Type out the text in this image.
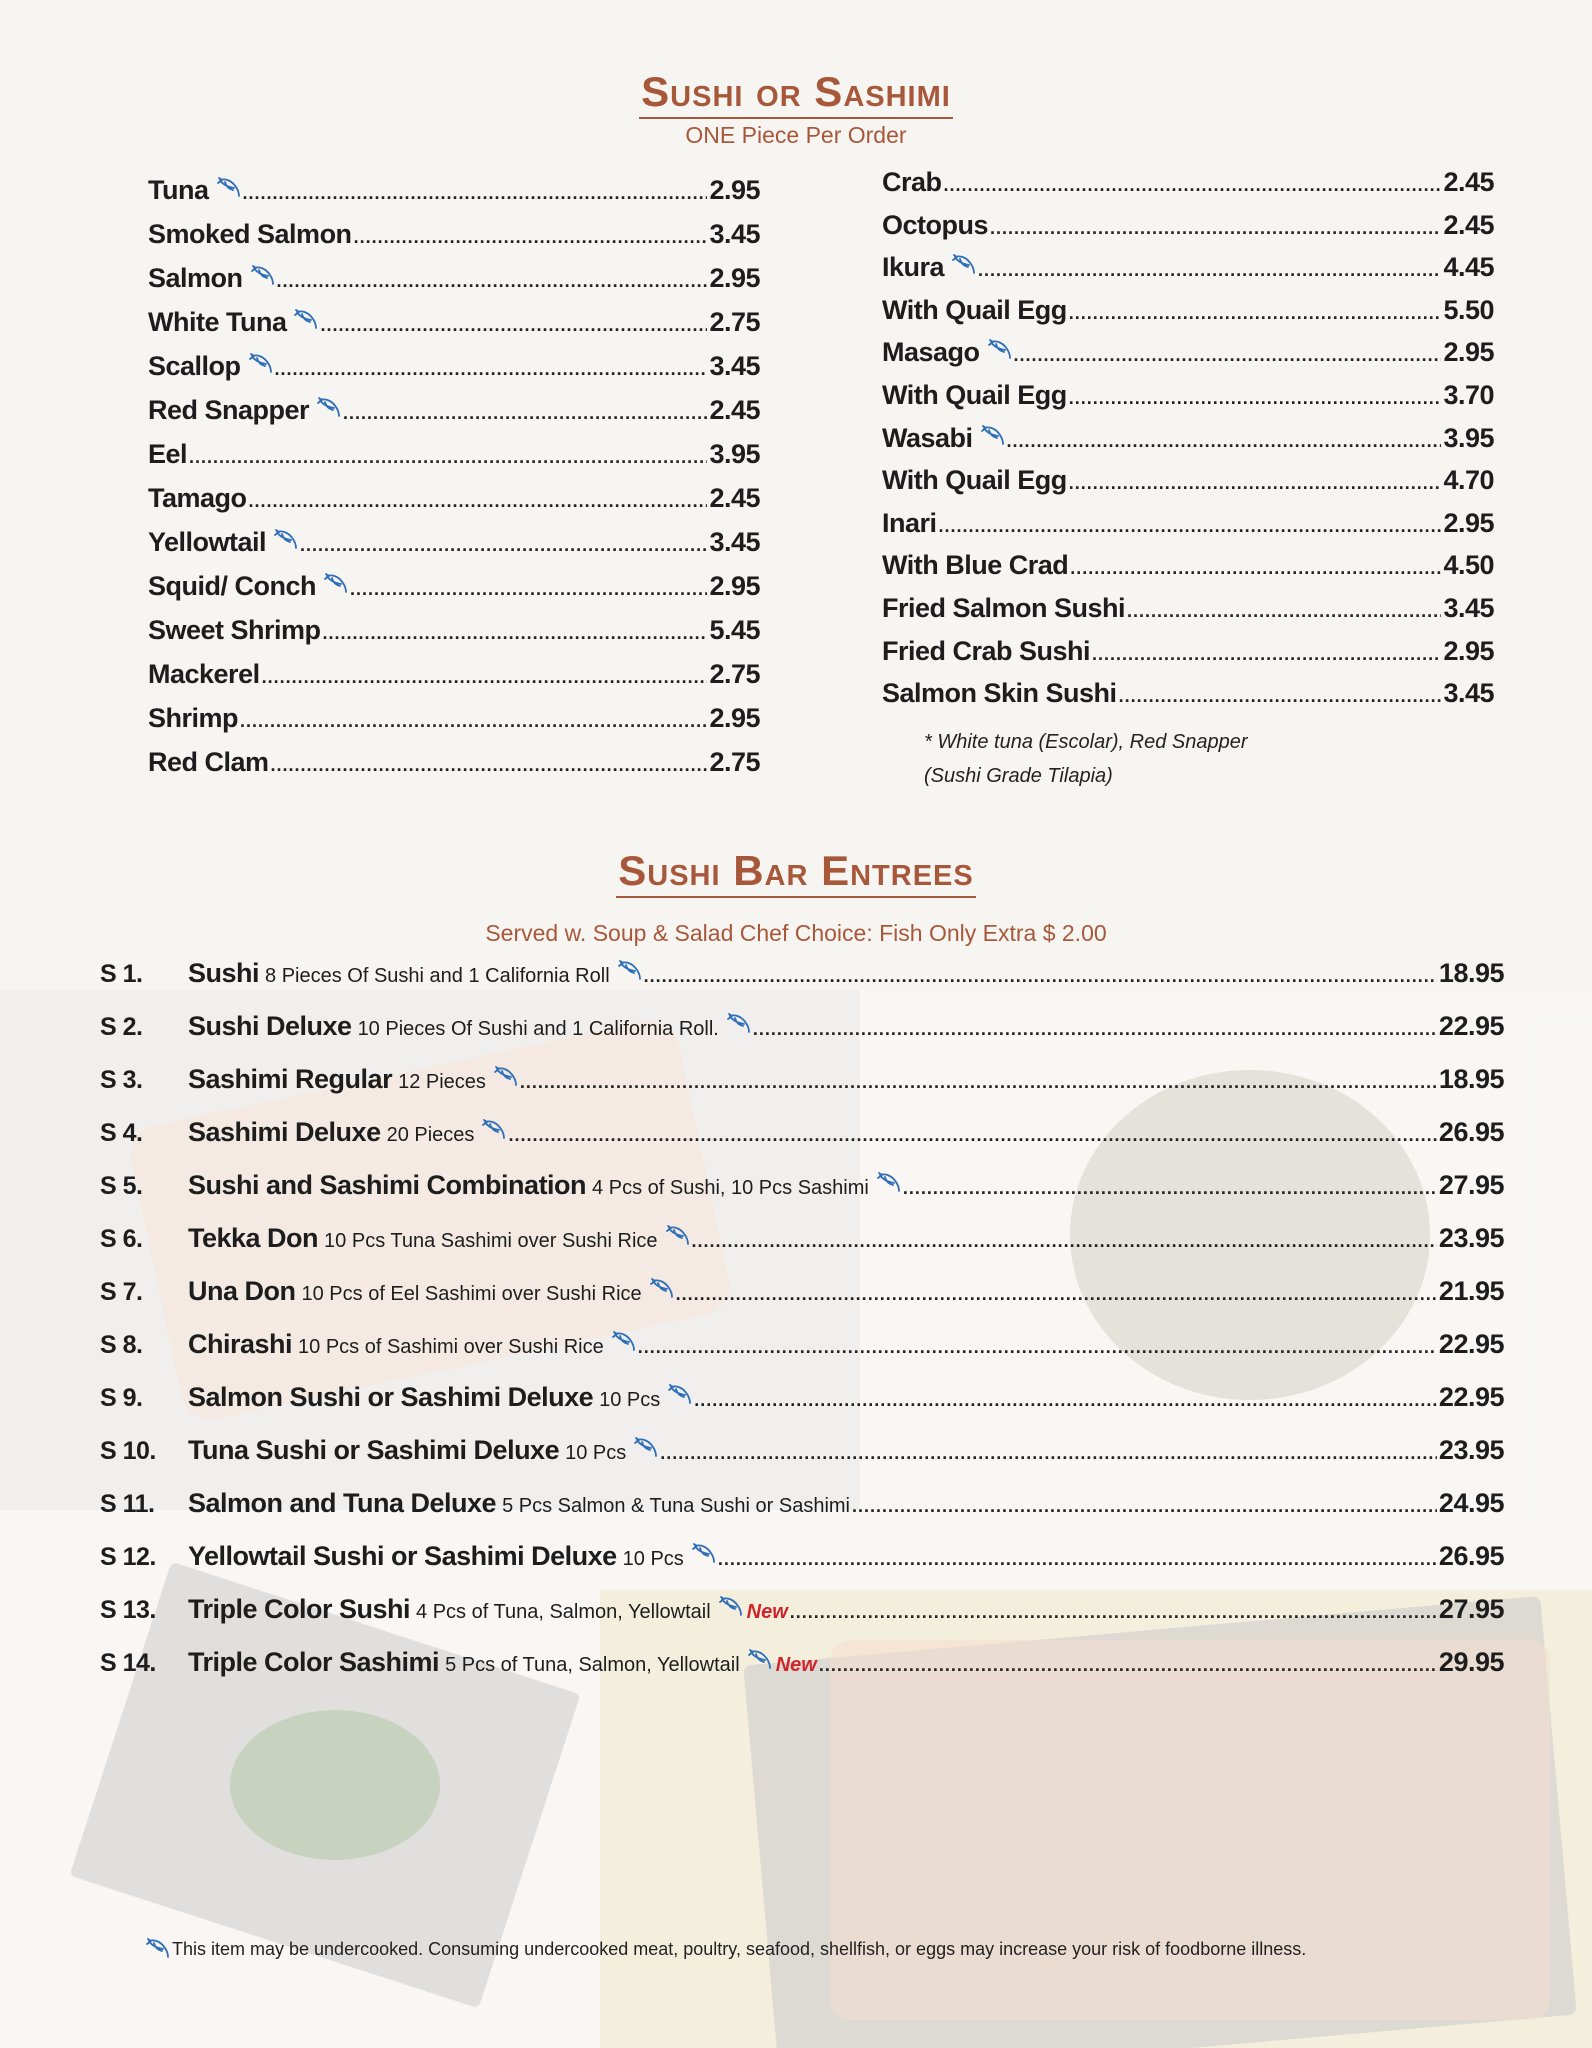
Sushi or Sashimi
ONE Piece Per Order
Tuna .....	2.95
Smoked Salmon .....	3.45
Salmon .....	2.95
White Tuna .....	2.75
Scallop .....	3.45
Red Snapper .....	2.45
Eel .....	3.95
Tamago .....	2.45
Yellowtail .....	3.45
Squid/ Conch .....	2.95
Sweet Shrimp .....	5.45
Mackerel .....	2.75
Shrimp .....	2.95
Red Clam .....	2.75
Crab .....	2.45
Octopus .....	2.45
Ikura .....	4.45
With Quail Egg .....	5.50
Masago .....	2.95
With Quail Egg .....	3.70
Wasabi .....	3.95
With Quail Egg .....	4.70
Inari .....	2.95
With Blue Crad .....	4.50
Fried Salmon Sushi .....	3.45
Fried Crab Sushi .....	2.95
Salmon Skin Sushi .....	3.45
* White tuna (Escolar), Red Snapper
(Sushi Grade Tilapia)
Sushi Bar Entrees
Served w. Soup & Salad Chef Choice: Fish Only Extra $ 2.00
S 1.	Sushi 8 Pieces Of Sushi and 1 California Roll .....	18.95
S 2.	Sushi Deluxe 10 Pieces Of Sushi and 1 California Roll. .....	22.95
S 3.	Sashimi Regular 12 Pieces .....	18.95
S 4.	Sashimi Deluxe 20 Pieces .....	26.95
S 5.	Sushi and Sashimi Combination 4 Pcs of Sushi, 10 Pcs Sashimi .....	27.95
S 6.	Tekka Don 10 Pcs Tuna Sashimi over Sushi Rice .....	23.95
S 7.	Una Don 10 Pcs of Eel Sashimi over Sushi Rice .....	21.95
S 8.	Chirashi 10 Pcs of Sashimi over Sushi Rice .....	22.95
S 9.	Salmon Sushi or Sashimi Deluxe 10 Pcs .....	22.95
S 10.	Tuna Sushi or Sashimi Deluxe 10 Pcs .....	23.95
S 11.	Salmon and Tuna Deluxe 5 Pcs Salmon & Tuna Sushi or Sashimi .....	24.95
S 12.	Yellowtail Sushi or Sashimi Deluxe 10 Pcs .....	26.95
S 13.	Triple Color Sushi 4 Pcs of Tuna, Salmon, Yellowtail New .....	27.95
S 14.	Triple Color Sashimi 5 Pcs of Tuna, Salmon, Yellowtail New .....	29.95
This item may be undercooked. Consuming undercooked meat, poultry, seafood, shellfish, or eggs may increase your risk of foodborne illness.
